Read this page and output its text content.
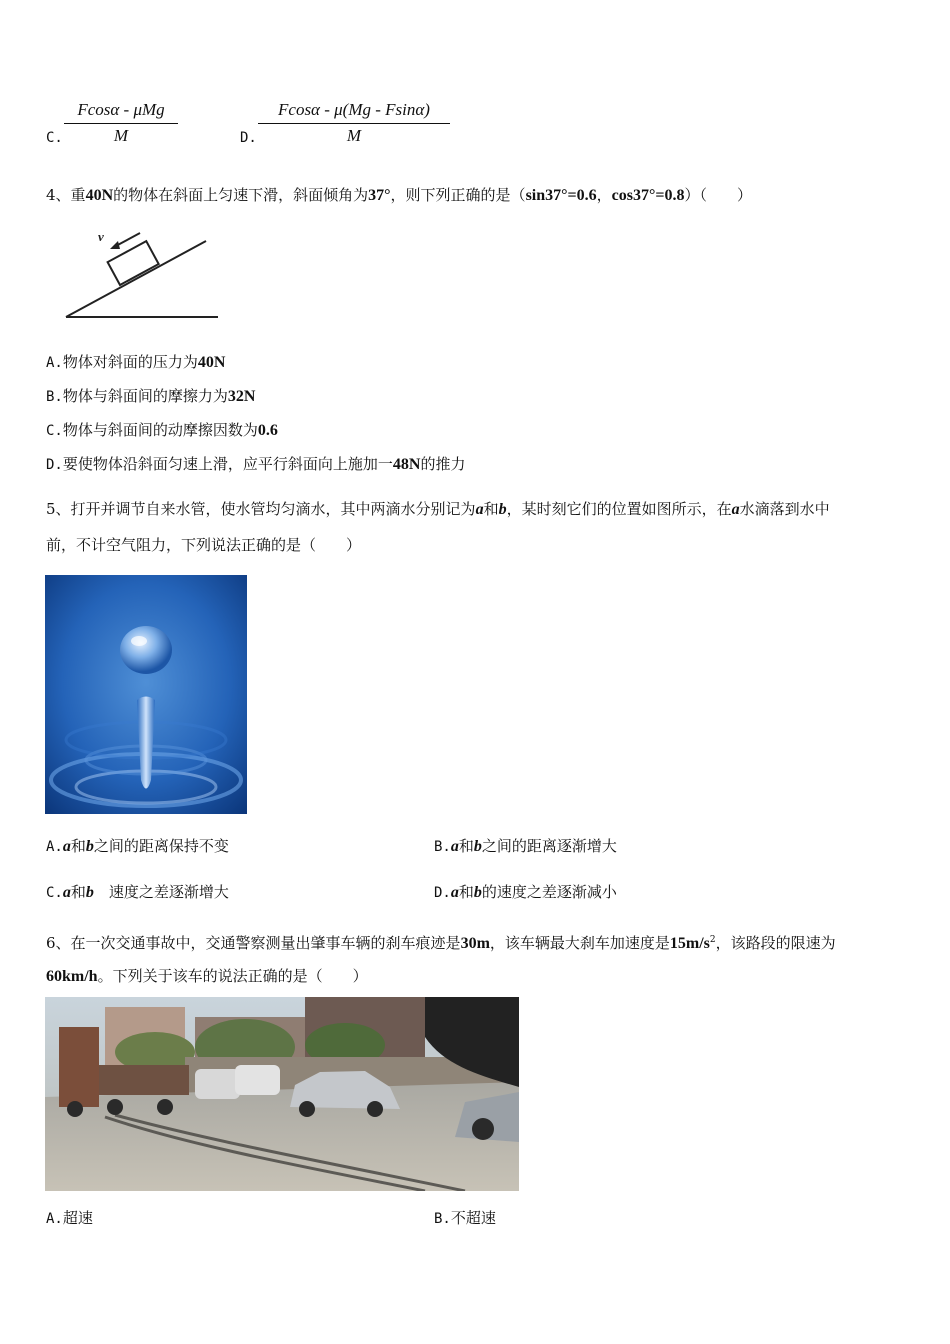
C.
Fcosα - μMg
M	D. $\frac{Fcos\alpha - \mu(Mg - Fsin\alpha)}{M}$
4、重40N的物体在斜面上匀速下滑，斜面倾角为37°，则下列正确的是（sin37°=0.6，cos37°=0.8）（　　）
v
A.物体对斜面的压力为40N
B.物体与斜面间的摩擦力为32N
C.物体与斜面间的动摩擦因数为0.6
D.要使物体沿斜面匀速上滑，应平行斜面向上施加一48N的推力
5、打开并调节自来水管，使水管均匀滴水，其中两滴水分别记为a和b，某时刻它们的位置如图所示，在a水滴落到水中
前，不计空气阻力，下列说法正确的是（　　）
A.a和b之间的距离保持不变	B.a和b之间的距离逐渐增大
C.a和b　速度之差逐渐增大	D.a和b的速度之差逐渐减小
6、在一次交通事故中，交通警察测量出肇事车辆的刹车痕迹是30m，该车辆最大刹车加速度是$15m/s^2$，该路段的限速为
60km/h。下列关于该车的说法正确的是（　　）
A.超速	B.不超速
